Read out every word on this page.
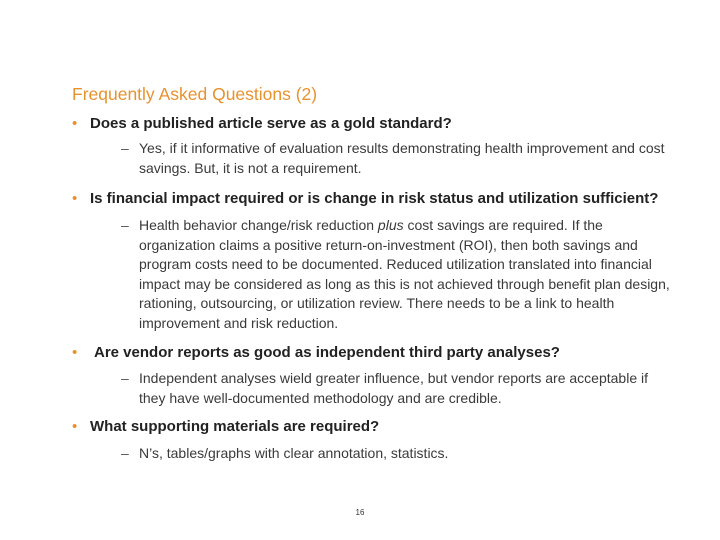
Frequently Asked Questions (2)
• Does a published article serve as a gold standard?
– Yes, if it informative of evaluation results demonstrating health improvement and cost savings. But, it is not a requirement.
• Is financial impact required or is change in risk status and utilization sufficient?
– Health behavior change/risk reduction plus cost savings are required. If the organization claims a positive return-on-investment (ROI), then both savings and program costs need to be documented. Reduced utilization translated into financial impact may be considered as long as this is not achieved through benefit plan design, rationing, outsourcing, or utilization review. There needs to be a link to health improvement and risk reduction.
• Are vendor reports as good as independent third party analyses?
– Independent analyses wield greater influence, but vendor reports are acceptable if they have well-documented methodology and are credible.
• What supporting materials are required?
– N’s, tables/graphs with clear annotation, statistics.
16
